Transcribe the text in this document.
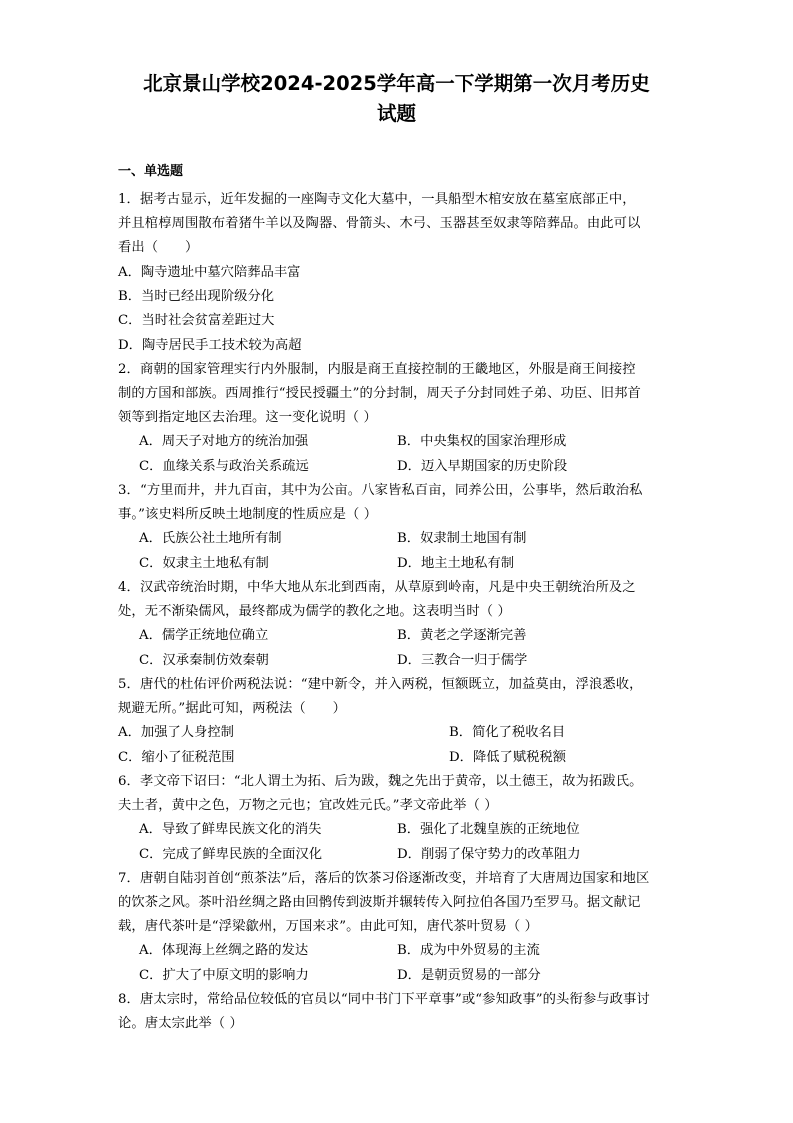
北京景山学校2024-2025学年高一下学期第一次月考历史
试题
一、单选题
1．据考古显示，近年发掘的一座陶寺文化大墓中，一具船型木棺安放在墓室底部正中，
并且棺椁周围散布着猪牛羊以及陶器、骨箭头、木弓、玉器甚至奴隶等陪葬品。由此可以
看出（　　）
A．陶寺遗址中墓穴陪葬品丰富
B．当时已经出现阶级分化
C．当时社会贫富差距过大
D．陶寺居民手工技术较为高超
2．商朝的国家管理实行内外服制，内服是商王直接控制的王畿地区，外服是商王间接控
制的方国和部族。西周推行“授民授疆土”的分封制，周天子分封同姓子弟、功臣、旧邦首
领等到指定地区去治理。这一变化说明（ ）
A．周天子对地方的统治加强	B．中央集权的国家治理形成
C．血缘关系与政治关系疏远	D．迈入早期国家的历史阶段
3．“方里而井，井九百亩，其中为公亩。八家皆私百亩，同养公田，公事毕，然后敢治私
事。”该史料所反映土地制度的性质应是（ ）
A．氏族公社土地所有制	B．奴隶制土地国有制
C．奴隶主土地私有制	D．地主土地私有制
4．汉武帝统治时期，中华大地从东北到西南，从草原到岭南，凡是中央王朝统治所及之
处，无不渐染儒风，最终都成为儒学的教化之地。这表明当时（ ）
A．儒学正统地位确立	B．黄老之学逐渐完善
C．汉承秦制仿效秦朝	D．三教合一归于儒学
5．唐代的杜佑评价两税法说：“建中新令，并入两税，恒额既立，加益莫由，浮浪悉收，
规避无所。”据此可知，两税法（　　）
A．加强了人身控制	B．简化了税收名目
C．缩小了征税范围	D．降低了赋税税额
6．孝文帝下诏曰：“北人谓土为拓、后为跋，魏之先出于黄帝，以土德王，故为拓跋氏。
夫土者，黄中之色，万物之元也；宜改姓元氏。”孝文帝此举（ ）
A．导致了鲜卑民族文化的消失	B．强化了北魏皇族的正统地位
C．完成了鲜卑民族的全面汉化	D．削弱了保守势力的改革阻力
7．唐朝自陆羽首创“煎茶法”后，落后的饮茶习俗逐渐改变，并培育了大唐周边国家和地区
的饮茶之风。茶叶沿丝绸之路由回鹘传到波斯并辗转传入阿拉伯各国乃至罗马。据文献记
载，唐代茶叶是“浮梁歙州，万国来求”。由此可知，唐代茶叶贸易（ ）
A．体现海上丝绸之路的发达	B．成为中外贸易的主流
C．扩大了中原文明的影响力	D．是朝贡贸易的一部分
8．唐太宗时，常给品位较低的官员以“同中书门下平章事”或“参知政事”的头衔参与政事讨
论。唐太宗此举（ ）
